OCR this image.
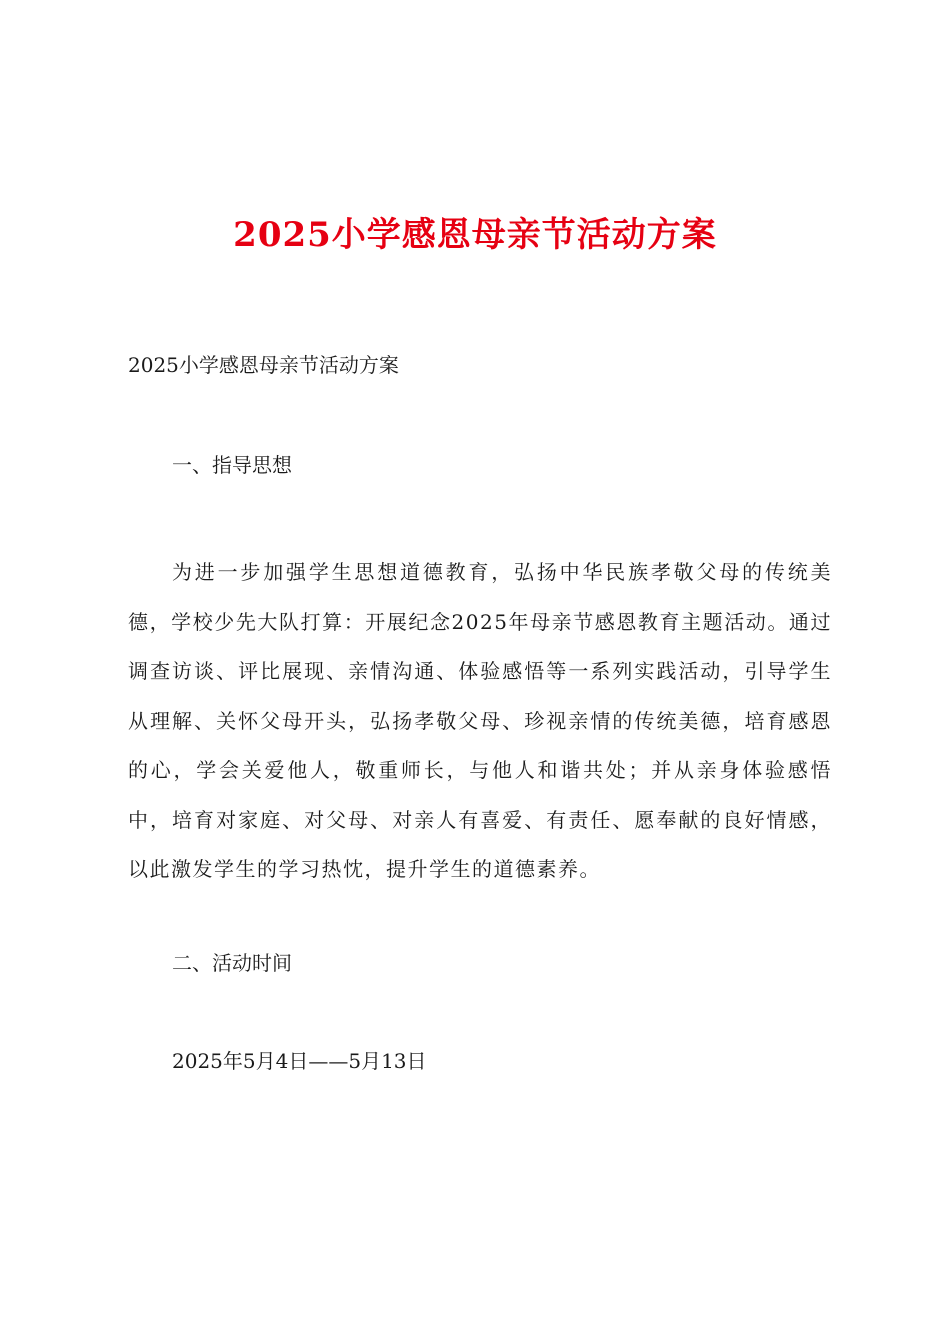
2025小学感恩母亲节活动方案
2025小学感恩母亲节活动方案
一、指导思想
为进一步加强学生思想道德教育，弘扬中华民族孝敬父母的传统美德，学校少先大队打算：开展纪念2025年母亲节感恩教育主题活动。通过调查访谈、评比展现、亲情沟通、体验感悟等一系列实践活动，引导学生从理解、关怀父母开头，弘扬孝敬父母、珍视亲情的传统美德，培育感恩的心，学会关爱他人，敬重师长，与他人和谐共处；并从亲身体验感悟中，培育对家庭、对父母、对亲人有喜爱、有责任、愿奉献的良好情感，以此激发学生的学习热忱，提升学生的道德素养。
二、活动时间
2025年5月4日——5月13日
